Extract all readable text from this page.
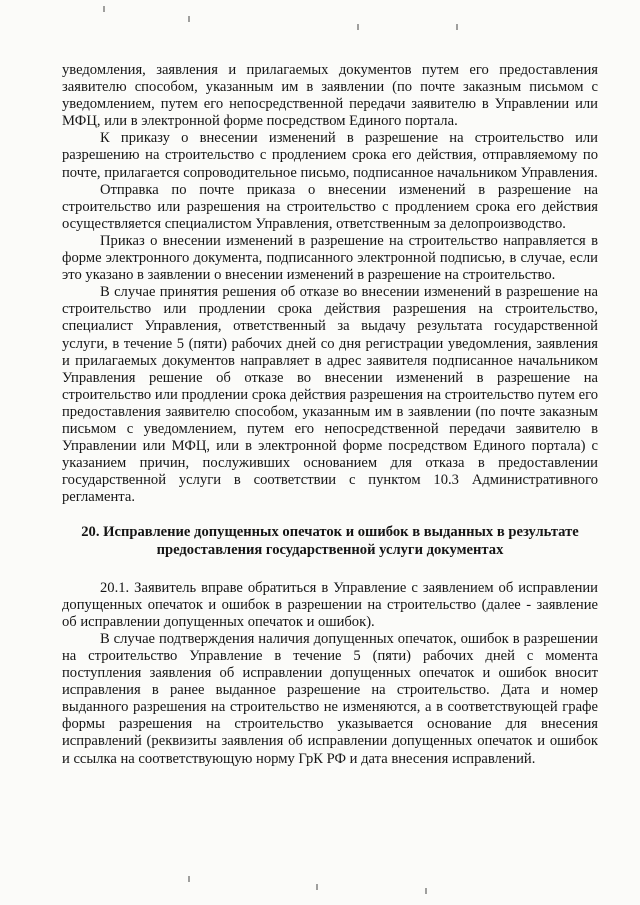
уведомления, заявления и прилагаемых документов путем его предоставления заявителю способом, указанным им в заявлении (по почте заказным письмом с уведомлением, путем его непосредственной передачи заявителю в Управлении или МФЦ, или в электронной форме посредством Единого портала.

К приказу о внесении изменений в разрешение на строительство или разрешению на строительство с продлением срока его действия, отправляемому по почте, прилагается сопроводительное письмо, подписанное начальником Управления.

Отправка по почте приказа о внесении изменений в разрешение на строительство или разрешения на строительство с продлением срока его действия осуществляется специалистом Управления, ответственным за делопроизводство.

Приказ о внесении изменений в разрешение на строительство направляется в форме электронного документа, подписанного электронной подписью, в случае, если это указано в заявлении о внесении изменений в разрешение на строительство.

В случае принятия решения об отказе во внесении изменений в разрешение на строительство или продлении срока действия разрешения на строительство, специалист Управления, ответственный за выдачу результата государственной услуги, в течение 5 (пяти) рабочих дней со дня регистрации уведомления, заявления и прилагаемых документов направляет в адрес заявителя подписанное начальником Управления решение об отказе во внесении изменений в разрешение на строительство или продлении срока действия разрешения на строительство путем его предоставления заявителю способом, указанным им в заявлении (по почте заказным письмом с уведомлением, путем его непосредственной передачи заявителю в Управлении или МФЦ, или в электронной форме посредством Единого портала) с указанием причин, послуживших основанием для отказа в предоставлении государственной услуги в соответствии с пунктом 10.3 Административного регламента.

20. Исправление допущенных опечаток и ошибок в выданных в результате предоставления государственной услуги документах

20.1. Заявитель вправе обратиться в Управление с заявлением об исправлении допущенных опечаток и ошибок в разрешении на строительство (далее - заявление об исправлении допущенных опечаток и ошибок).

В случае подтверждения наличия допущенных опечаток, ошибок в разрешении на строительство Управление в течение 5 (пяти) рабочих дней с момента поступления заявления об исправлении допущенных опечаток и ошибок вносит исправления в ранее выданное разрешение на строительство. Дата и номер выданного разрешения на строительство не изменяются, а в соответствующей графе формы разрешения на строительство указывается основание для внесения исправлений (реквизиты заявления об исправлении допущенных опечаток и ошибок и ссылка на соответствующую норму ГрК РФ и дата внесения исправлений.
